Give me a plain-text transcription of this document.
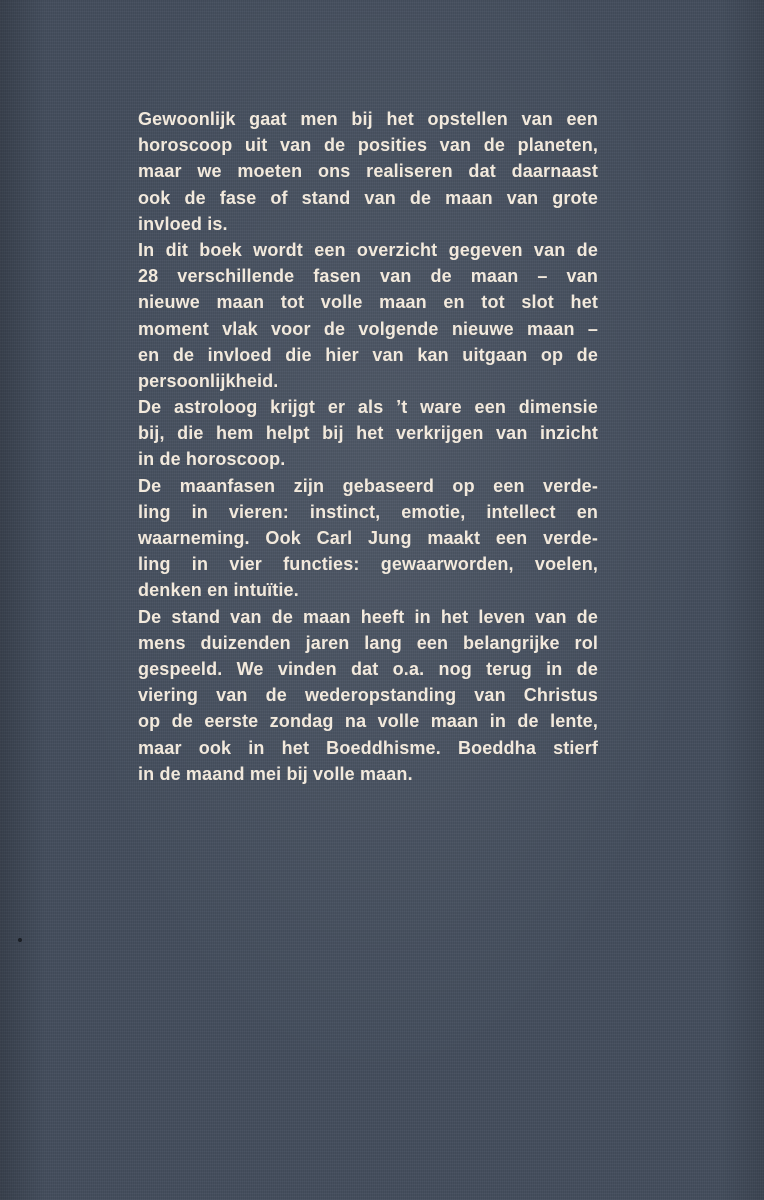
Gewoonlijk gaat men bij het opstellen van een
horoscoop uit van de posities van de planeten,
maar we moeten ons realiseren dat daarnaast
ook de fase of stand van de maan van grote
invloed is.
In dit boek wordt een overzicht gegeven van de
28 verschillende fasen van de maan – van
nieuwe maan tot volle maan en tot slot het
moment vlak voor de volgende nieuwe maan –
en de invloed die hier van kan uitgaan op de
persoonlijkheid.
De astroloog krijgt er als ’t ware een dimensie
bij, die hem helpt bij het verkrijgen van inzicht
in de horoscoop.
De maanfasen zijn gebaseerd op een verde-
ling in vieren: instinct, emotie, intellect en
waarneming. Ook Carl Jung maakt een verde-
ling in vier functies: gewaarworden, voelen,
denken en intuïtie.
De stand van de maan heeft in het leven van de
mens duizenden jaren lang een belangrijke rol
gespeeld. We vinden dat o.a. nog terug in de
viering van de wederopstanding van Christus
op de eerste zondag na volle maan in de lente,
maar ook in het Boeddhisme. Boeddha stierf
in de maand mei bij volle maan.
